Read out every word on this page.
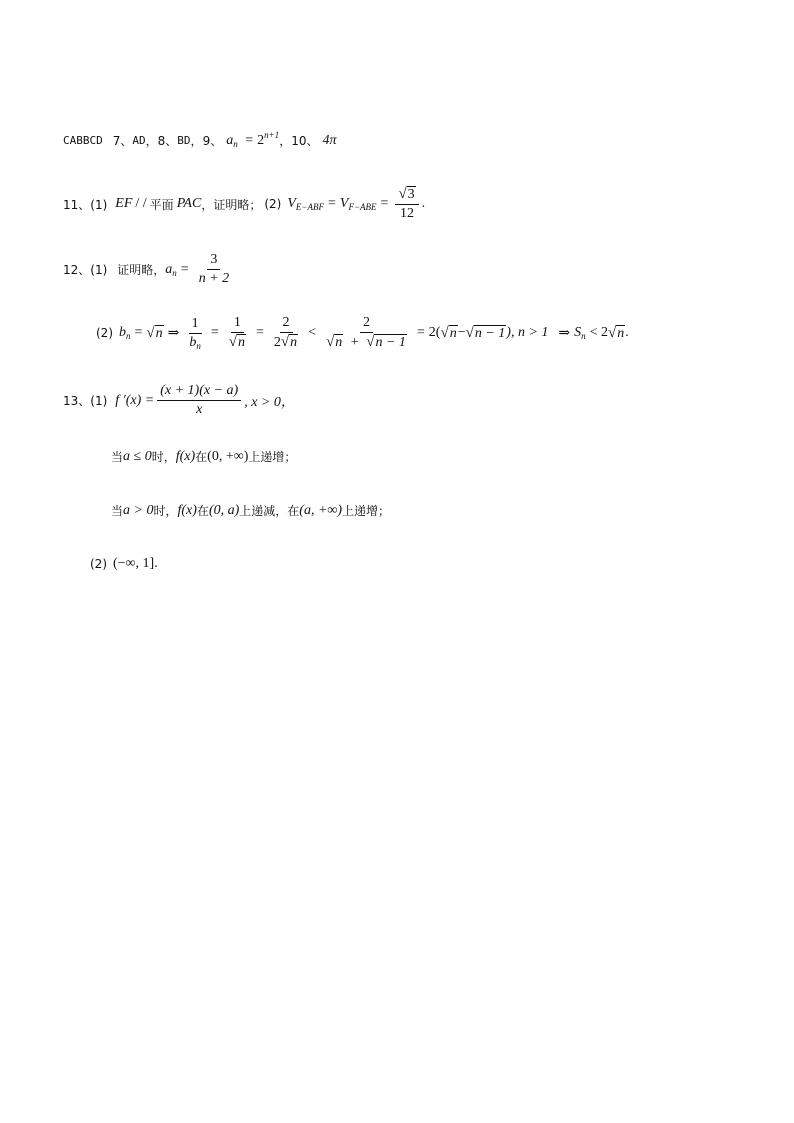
CABBCD 7、 AD ， 8、 BD ， 9、 $a_n = 2^{n+1}$ ， 10、 4π
11、(1) EF / / 平面 PAC ，证明略； (2) $V_{E-ABF} = V_{F-ABE} = \frac{√ 3}{12}$ .
12、(1) 证明略， $a_n = \frac{3}{n + 2}$
(2) $b_n$ = √ n ⇒ $\frac{1}{b_n} = \frac{1}{√ n} = \frac{2}{2 √ n} < \frac{2}{√ n + √ n - 1} = 2$( √ n − √ n − 1 ), n > 1 ⇒ $S_n < 2$ √ n .
13、(1) f $'(x) = \frac{(x + 1)(x - a)}{x}$ , x > 0，
当 a ≤ 0 时， f(x) 在 (0, +∞) 上递增；
当 a > 0 时， f(x) 在 (0, a) 上递减，在 (a, +∞) 上递增；
(2) (−∞, 1] .
